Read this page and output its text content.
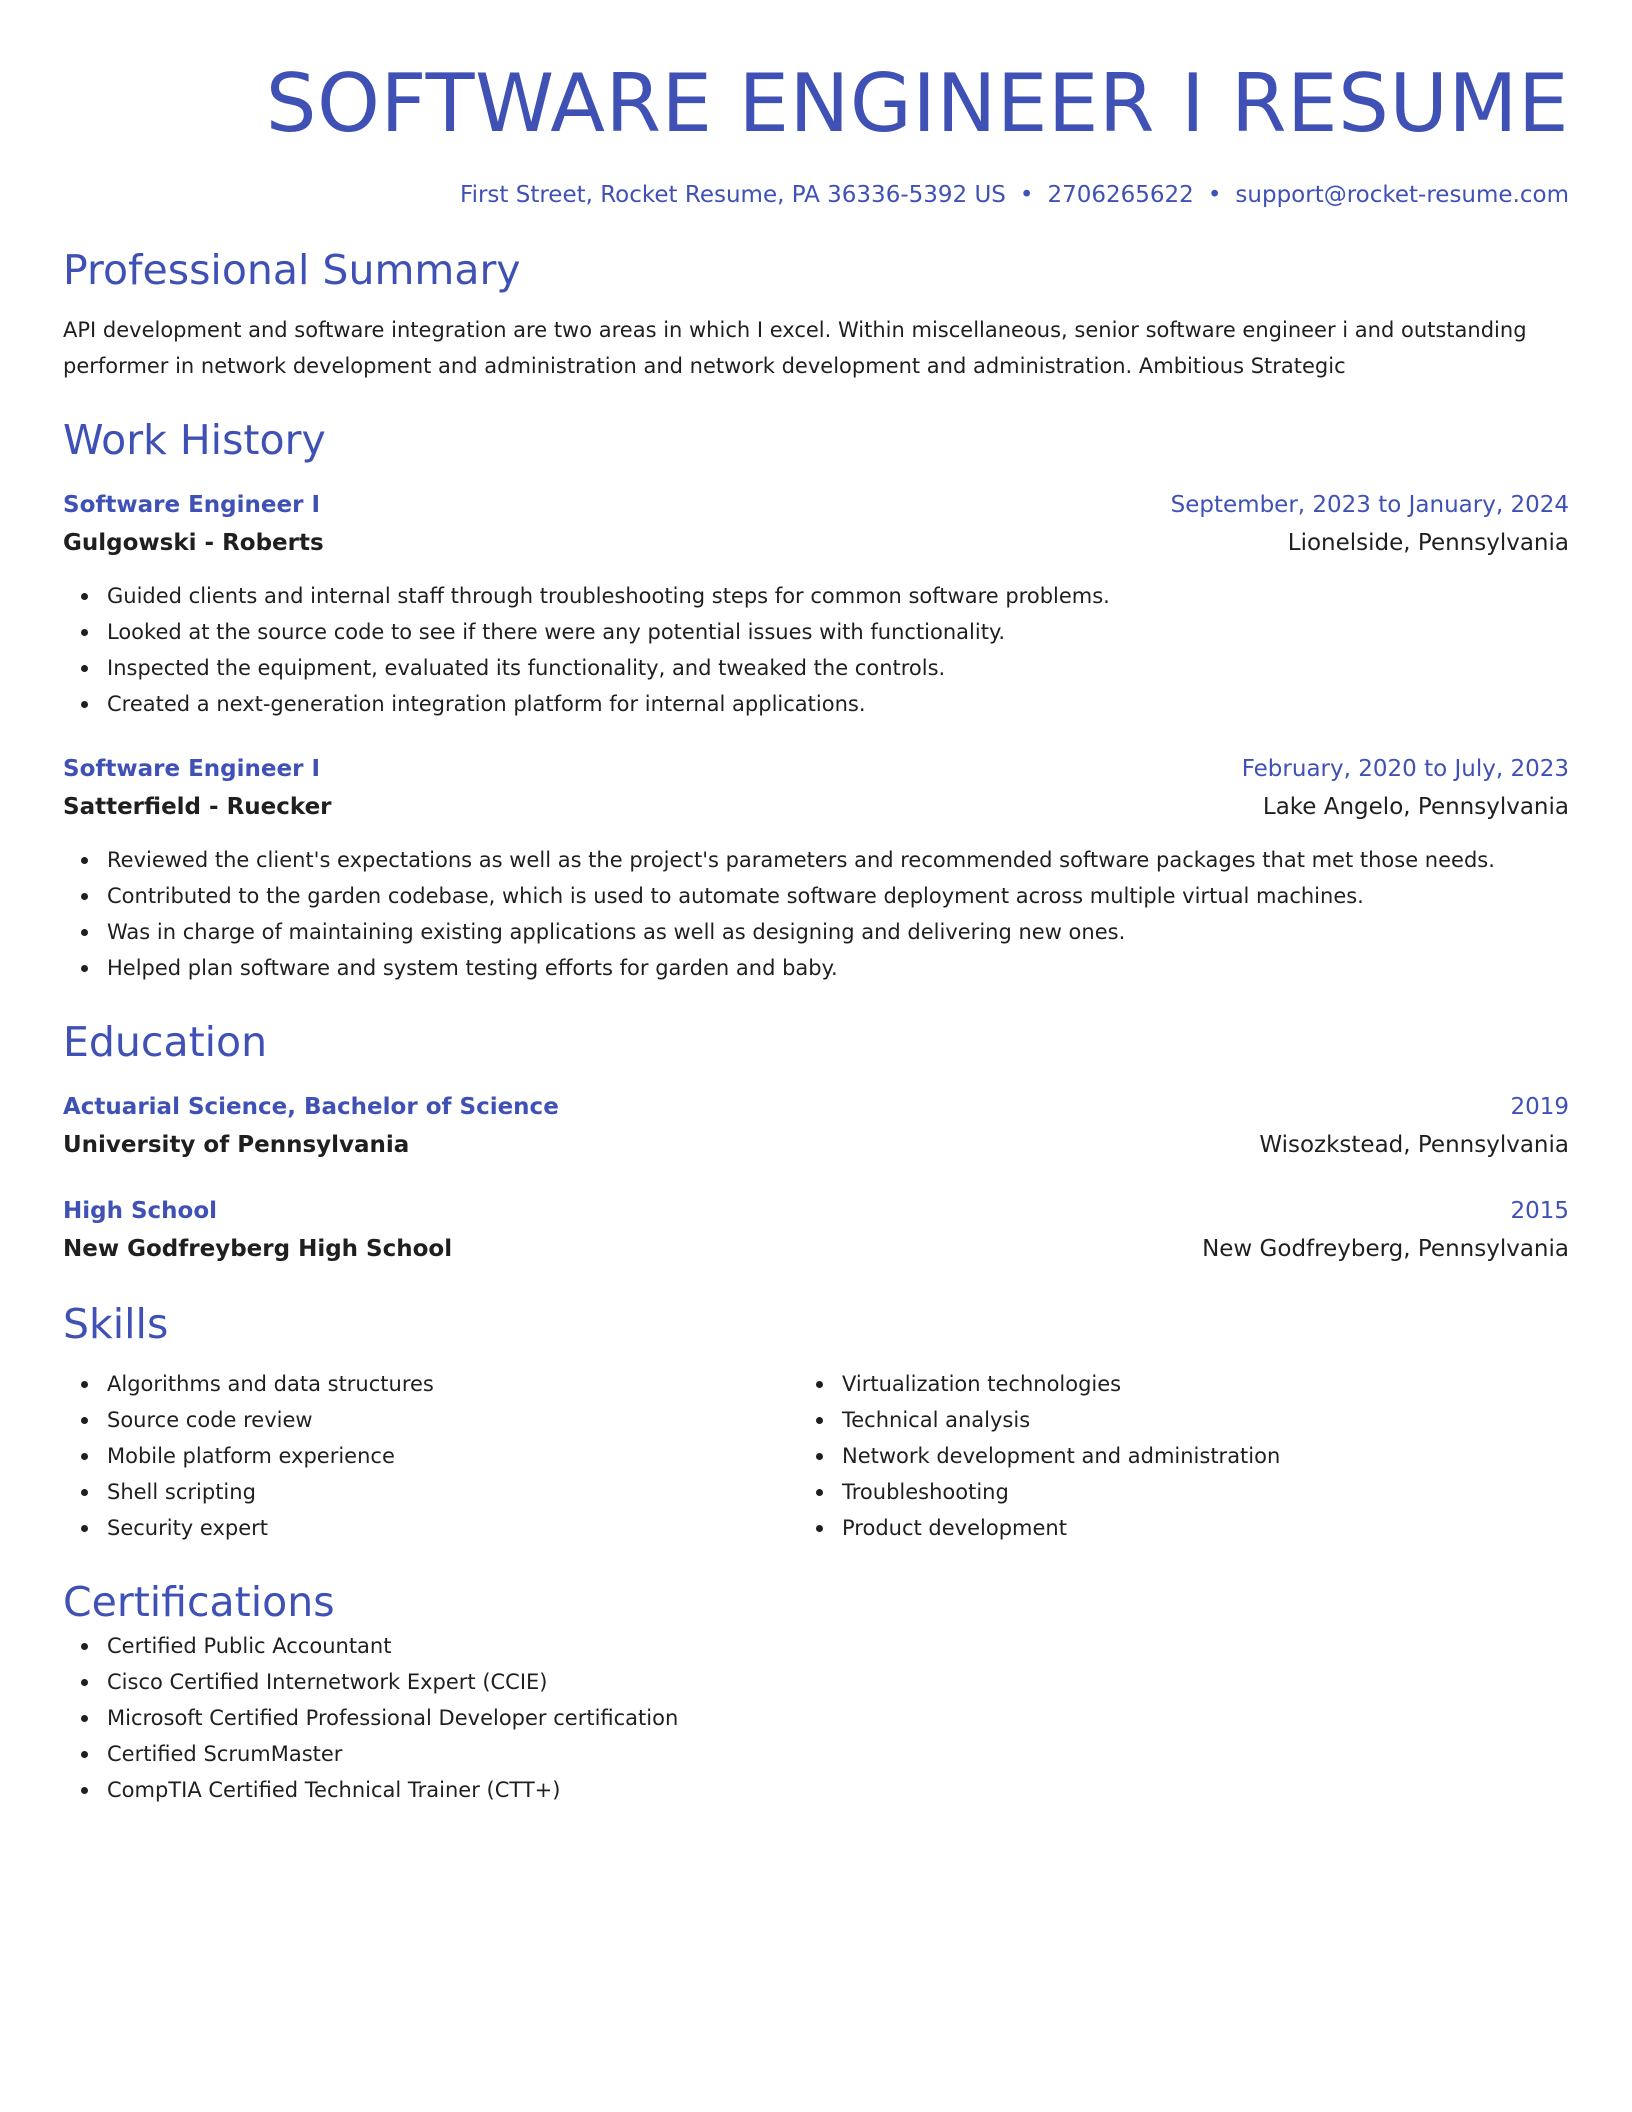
SOFTWARE ENGINEER I RESUME
First Street, Rocket Resume, PA 36336-5392 US • 2706265622 • support@rocket-resume.com
Professional Summary
API development and software integration are two areas in which I excel. Within miscellaneous, senior software engineer i and outstanding performer in network development and administration and network development and administration. Ambitious Strategic
Work History
Software Engineer I	September, 2023 to January, 2024
Gulgowski - Roberts	Lionelside, Pennsylvania
Guided clients and internal staff through troubleshooting steps for common software problems.
Looked at the source code to see if there were any potential issues with functionality.
Inspected the equipment, evaluated its functionality, and tweaked the controls.
Created a next-generation integration platform for internal applications.
Software Engineer I	February, 2020 to July, 2023
Satterfield - Ruecker	Lake Angelo, Pennsylvania
Reviewed the client's expectations as well as the project's parameters and recommended software packages that met those needs.
Contributed to the garden codebase, which is used to automate software deployment across multiple virtual machines.
Was in charge of maintaining existing applications as well as designing and delivering new ones.
Helped plan software and system testing efforts for garden and baby.
Education
Actuarial Science, Bachelor of Science	2019
University of Pennsylvania	Wisozkstead, Pennsylvania
High School	2015
New Godfreyberg High School	New Godfreyberg, Pennsylvania
Skills
Algorithms and data structures
Source code review
Mobile platform experience
Shell scripting
Security expert
Virtualization technologies
Technical analysis
Network development and administration
Troubleshooting
Product development
Certifications
Certified Public Accountant
Cisco Certified Internetwork Expert (CCIE)
Microsoft Certified Professional Developer certification
Certified ScrumMaster
CompTIA Certified Technical Trainer (CTT+)
